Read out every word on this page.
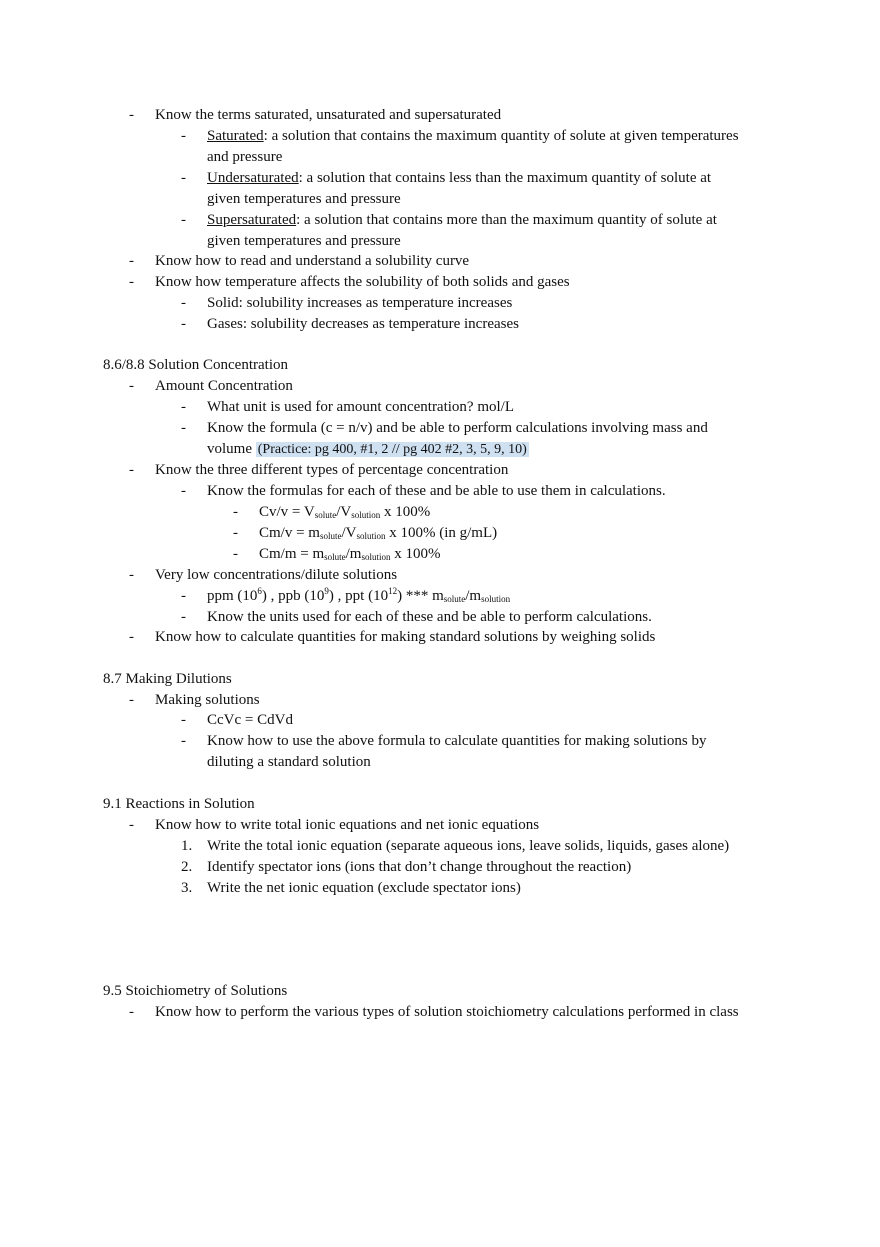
- Know the terms saturated, unsaturated and supersaturated
- Saturated: a solution that contains the maximum quantity of solute at given temperatures
and pressure
- Undersaturated: a solution that contains less than the maximum quantity of solute at
given temperatures and pressure
- Supersaturated: a solution that contains more than the maximum quantity of solute at
given temperatures and pressure
- Know how to read and understand a solubility curve
- Know how temperature affects the solubility of both solids and gases
- Solid: solubility increases as temperature increases
- Gases: solubility decreases as temperature increases
8.6/8.8 Solution Concentration
- Amount Concentration
- What unit is used for amount concentration? mol/L
- Know the formula (c = n/v) and be able to perform calculations involving mass and
volume (Practice: pg 400, #1, 2 // pg 402 #2, 3, 5, 9, 10)
- Know the three different types of percentage concentration
- Know the formulas for each of these and be able to use them in calculations.
- $Cv/v = V_{solute}/V_{solution}$ x 100%
- $Cm/v = m_{solute}/V_{solution}$ x 100% (in g/mL)
- $Cm/m = m_{solute}/m_{solution}$ x 100%
- Very low concentrations/dilute solutions
- ppm $(10^6)$ , ppb $(10^9)$ , ppt $(10^{12})$ *** $m_{solute}/m_{solution}$
- Know the units used for each of these and be able to perform calculations.
- Know how to calculate quantities for making standard solutions by weighing solids
8.7 Making Dilutions
- Making solutions
- CcVc = CdVd
- Know how to use the above formula to calculate quantities for making solutions by
diluting a standard solution
9.1 Reactions in Solution
- Know how to write total ionic equations and net ionic equations
1. Write the total ionic equation (separate aqueous ions, leave solids, liquids, gases alone)
2. Identify spectator ions (ions that don’t change throughout the reaction)
3. Write the net ionic equation (exclude spectator ions)
9.5 Stoichiometry of Solutions
- Know how to perform the various types of solution stoichiometry calculations performed in class
